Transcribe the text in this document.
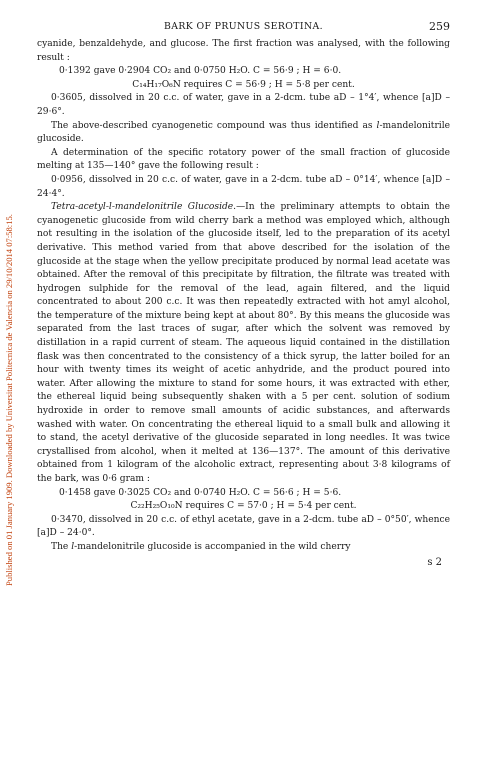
Published on 01 January 1909. Downloaded by Universitat Politecnica de Valencia on 29/10/2014 07:58:15.
BARK OF PRUNUS SEROTINA.	259

cyanide, benzaldehyde, and glucose. The first fraction was analysed, with the following result :

0·1392 gave 0·2904 CO₂ and 0·0750 H₂O. C = 56·9 ; H = 6·0.

C₁₄H₁₇O₆N requires C = 56·9 ; H = 5·8 per cent.

0·3605, dissolved in 20 c.c. of water, gave in a 2-dcm. tube aD – 1°4′, whence [a]D – 29·6°.

The above-described cyanogenetic compound was thus identified as l-mandelonitrile glucoside.

A determination of the specific rotatory power of the small fraction of glucoside melting at 135—140° gave the following result :

0·0956, dissolved in 20 c.c. of water, gave in a 2-dcm. tube aD – 0°14′, whence [a]D – 24·4°.

Tetra-acetyl-l-mandelonitrile Glucoside.—In the preliminary attempts to obtain the cyanogenetic glucoside from wild cherry bark a method was employed which, although not resulting in the isolation of the glucoside itself, led to the preparation of its acetyl derivative. This method varied from that above described for the isolation of the glucoside at the stage when the yellow precipitate produced by normal lead acetate was obtained. After the removal of this precipitate by filtration, the filtrate was treated with hydrogen sulphide for the removal of the lead, again filtered, and the liquid concentrated to about 200 c.c. It was then repeatedly extracted with hot amyl alcohol, the temperature of the mixture being kept at about 80°. By this means the glucoside was separated from the last traces of sugar, after which the solvent was removed by distillation in a rapid current of steam. The aqueous liquid contained in the distillation flask was then concentrated to the consistency of a thick syrup, the latter boiled for an hour with twenty times its weight of acetic anhydride, and the product poured into water. After allowing the mixture to stand for some hours, it was extracted with ether, the ethereal liquid being subsequently shaken with a 5 per cent. solution of sodium hydroxide in order to remove small amounts of acidic substances, and afterwards washed with water. On concentrating the ethereal liquid to a small bulk and allowing it to stand, the acetyl derivative of the glucoside separated in long needles. It was twice crystallised from alcohol, when it melted at 136—137°. The amount of this derivative obtained from 1 kilogram of the alcoholic extract, representing about 3·8 kilograms of the bark, was 0·6 gram :

0·1458 gave 0·3025 CO₂ and 0·0740 H₂O. C = 56·6 ; H = 5·6.

C₂₂H₂₅O₁₀N requires C = 57·0 ; H = 5·4 per cent.

0·3470, dissolved in 20 c.c. of ethyl acetate, gave in a 2-dcm. tube aD – 0°50′, whence [a]D – 24·0°.

The l-mandelonitrile glucoside is accompanied in the wild cherry

s 2
